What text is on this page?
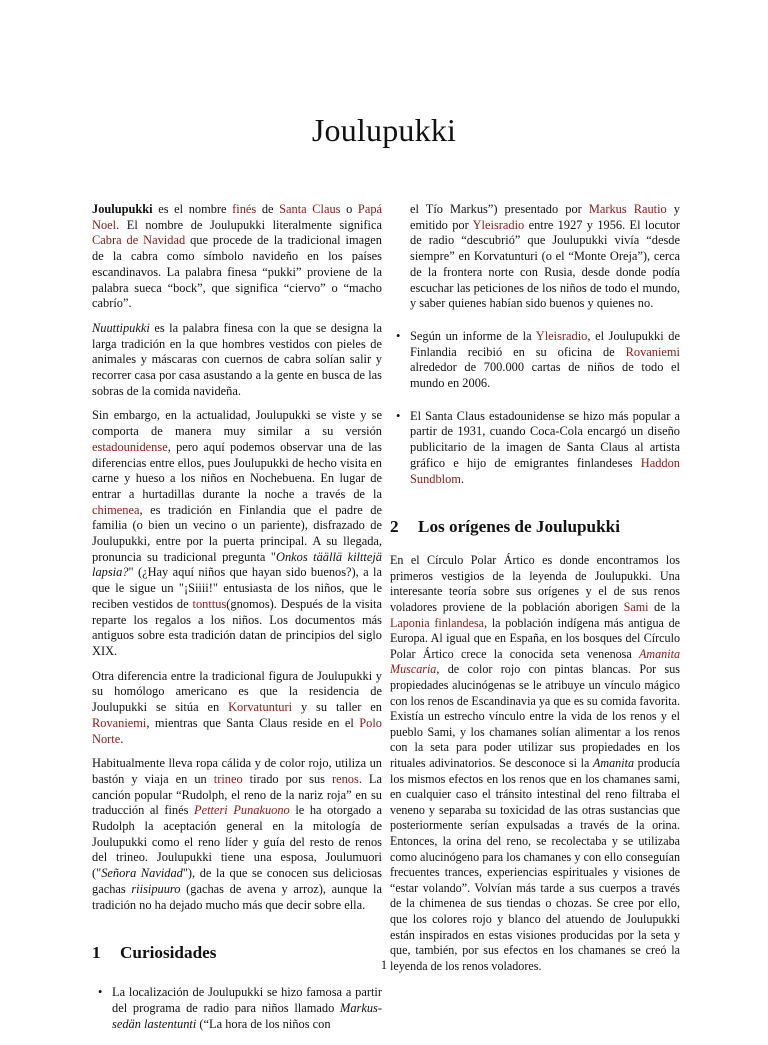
Joulupukki

Joulupukki es el nombre finés de Santa Claus o Papá Noel. El nombre de Joulupukki literalmente significa Cabra de Navidad que procede de la tradicional imagen de la cabra como símbolo navideño en los países escandinavos. La palabra finesa “pukki” proviene de la palabra sueca “bock”, que significa “ciervo” o “macho cabrío”.

Nuuttipukki es la palabra finesa con la que se designa la larga tradición en la que hombres vestidos con pieles de animales y máscaras con cuernos de cabra solían salir y recorrer casa por casa asustando a la gente en busca de las sobras de la comida navideña.

Sin embargo, en la actualidad, Joulupukki se viste y se comporta de manera muy similar a su versión estadounidense, pero aquí podemos observar una de las diferencias entre ellos, pues Joulupukki de hecho visita en carne y hueso a los niños en Nochebuena. En lugar de entrar a hurtadillas durante la noche a través de la chimenea, es tradición en Finlandia que el padre de familia (o bien un vecino o un pariente), disfrazado de Joulupukki, entre por la puerta principal. A su llegada, pronuncia su tradicional pregunta "Onkos täällä kilttejä lapsia?" (¿Hay aquí niños que hayan sido buenos?), a la que le sigue un "¡Siiii!" entusiasta de los niños, que le reciben vestidos de tonttus(gnomos). Después de la visita reparte los regalos a los niños. Los documentos más antiguos sobre esta tradición datan de principios del siglo XIX.

Otra diferencia entre la tradicional figura de Joulupukki y su homólogo americano es que la residencia de Joulupukki se sitúa en Korvatunturi y su taller en Rovaniemi, mientras que Santa Claus reside en el Polo Norte.

Habitualmente lleva ropa cálida y de color rojo, utiliza un bastón y viaja en un trineo tirado por sus renos. La canción popular “Rudolph, el reno de la nariz roja” en su traducción al finés Petteri Punakuono le ha otorgado a Rudolph la aceptación general en la mitología de Joulupukki como el reno líder y guía del resto de renos del trineo. Joulupukki tiene una esposa, Joulumuori ("Señora Navidad"), de la que se conocen sus deliciosas gachas riisipuuro (gachas de avena y arroz), aunque la tradición no ha dejado mucho más que decir sobre ella.

1	Curiosidades
• La localización de Joulupukki se hizo famosa a partir del programa de radio para niños llamado Markus-sedän lastentunti (“La hora de los niños con
el Tío Markus”) presentado por Markus Rautio y emitido por Yleisradio entre 1927 y 1956. El locutor de radio “descubrió” que Joulupukki vivía “desde siempre” en Korvatunturi (o el “Monte Oreja”), cerca de la frontera norte con Rusia, desde donde podía escuchar las peticiones de los niños de todo el mundo, y saber quienes habían sido buenos y quienes no.
• Según un informe de la Yleisradio, el Joulupukki de Finlandia recibió en su oficina de Rovaniemi alrededor de 700.000 cartas de niños de todo el mundo en 2006.
• El Santa Claus estadounidense se hizo más popular a partir de 1931, cuando Coca-Cola encargó un diseño publicitario de la imagen de Santa Claus al artista gráfico e hijo de emigrantes finlandeses Haddon Sundblom.
2	Los orígenes de Joulupukki

En el Círculo Polar Ártico es donde encontramos los primeros vestigios de la leyenda de Joulupukki. Una interesante teoría sobre sus orígenes y el de sus renos voladores proviene de la población aborigen Sami de la Laponia finlandesa, la población indígena más antigua de Europa. Al igual que en España, en los bosques del Círculo Polar Ártico crece la conocida seta venenosa Amanita Muscaria, de color rojo con pintas blancas. Por sus propiedades alucinógenas se le atribuye un vínculo mágico con los renos de Escandinavia ya que es su comida favorita. Existía un estrecho vínculo entre la vida de los renos y el pueblo Sami, y los chamanes solían alimentar a los renos con la seta para poder utilizar sus propiedades en los rituales adivinatorios. Se desconoce si la Amanita producía los mismos efectos en los renos que en los chamanes sami, en cualquier caso el tránsito intestinal del reno filtraba el veneno y separaba su toxicidad de las otras sustancias que posteriormente serían expulsadas a través de la orina. Entonces, la orina del reno, se recolectaba y se utilizaba como alucinógeno para los chamanes y con ello conseguían frecuentes trances, experiencias espirituales y visiones de “estar volando”. Volvían más tarde a sus cuerpos a través de la chimenea de sus tiendas o chozas. Se cree por ello, que los colores rojo y blanco del atuendo de Joulupukki están inspirados en estas visiones producidas por la seta y que, también, por sus efectos en los chamanes se creó la leyenda de los renos voladores.

1
